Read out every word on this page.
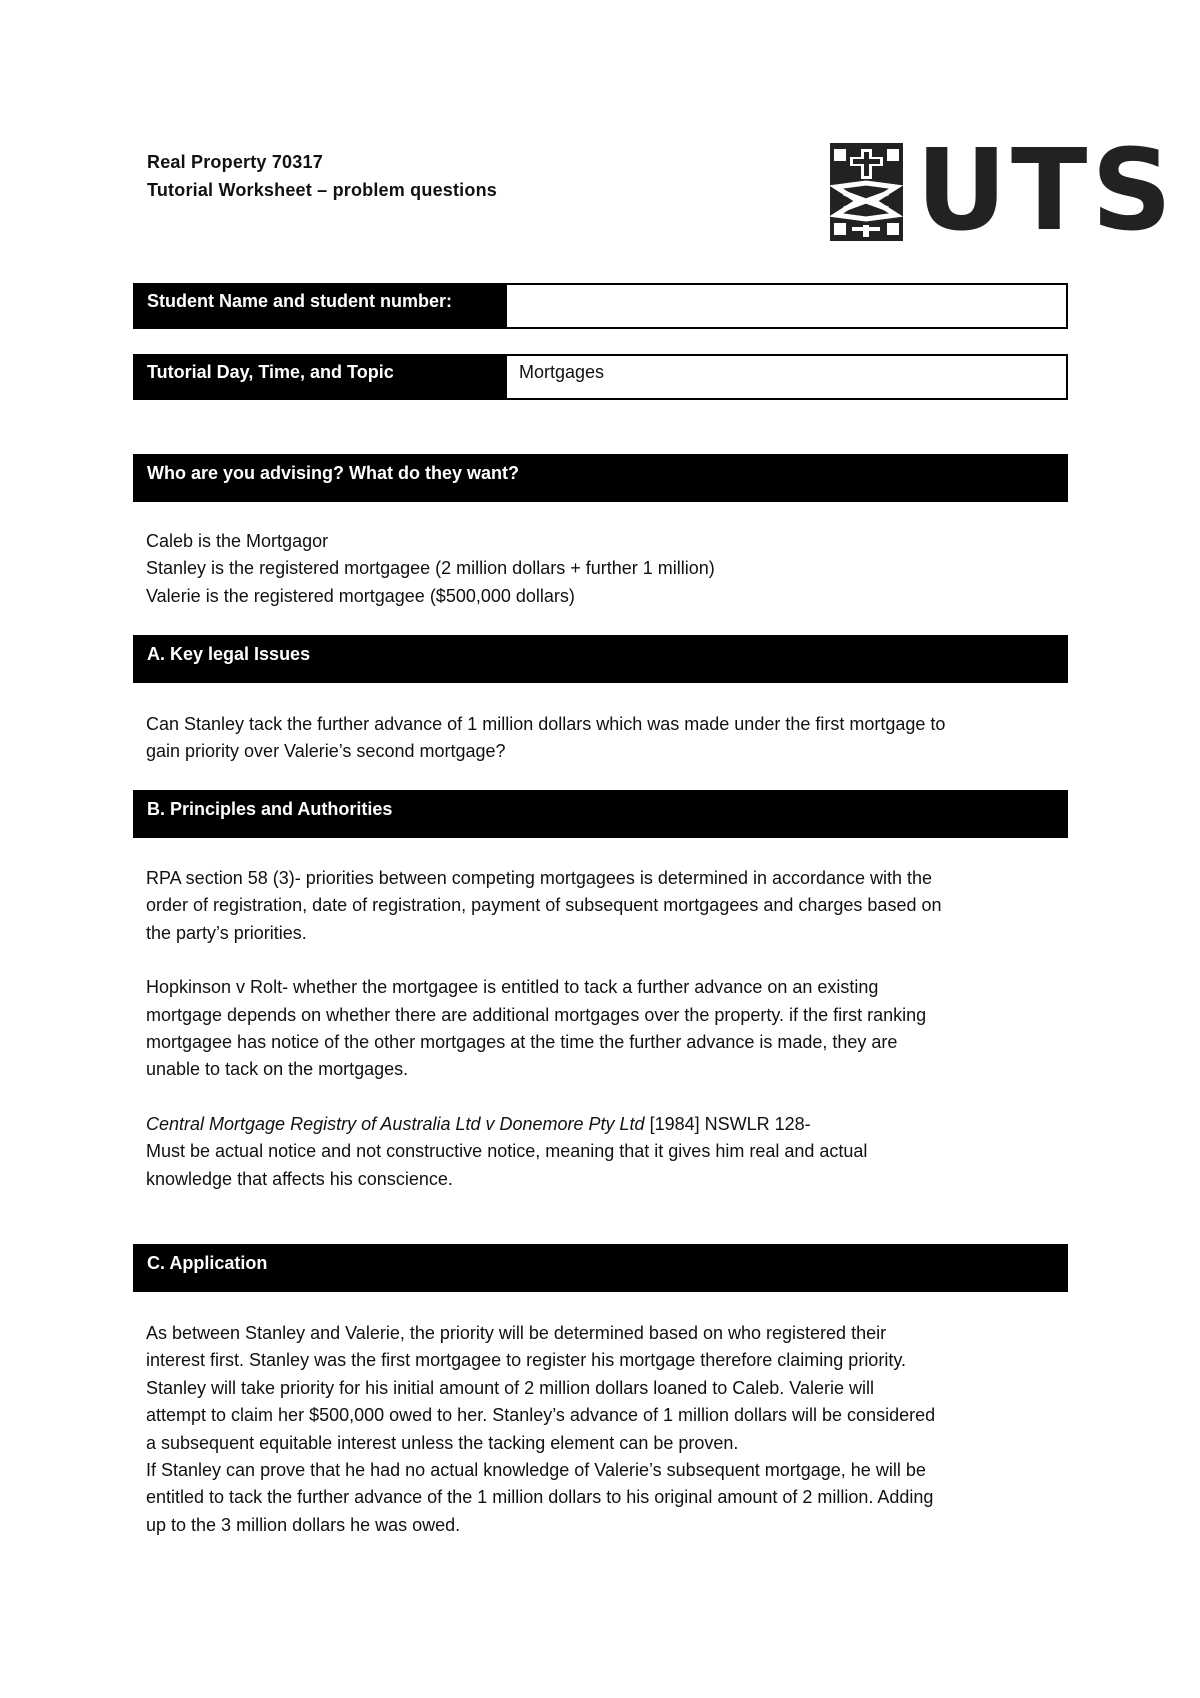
Real Property 70317
Tutorial Worksheet – problem questions	UTS
Student Name and student number:
Tutorial Day, Time, and Topic	Mortgages
Who are you advising? What do they want?

Caleb is the Mortgagor

Stanley is the registered mortgagee (2 million dollars + further 1 million)

Valerie is the registered mortgagee ($500,000 dollars)

A. Key legal Issues

Can Stanley tack the further advance of 1 million dollars which was made under the first mortgage to

gain priority over Valerie’s second mortgage?

B. Principles and Authorities

RPA section 58 (3)- priorities between competing mortgagees is determined in accordance with the

order of registration, date of registration, payment of subsequent mortgagees and charges based on

the party’s priorities.

Hopkinson v Rolt- whether the mortgagee is entitled to tack a further advance on an existing

mortgage depends on whether there are additional mortgages over the property. if the first ranking

mortgagee has notice of the other mortgages at the time the further advance is made, they are

unable to tack on the mortgages.

Central Mortgage Registry of Australia Ltd v Donemore Pty Ltd [1984] NSWLR 128-

Must be actual notice and not constructive notice, meaning that it gives him real and actual

knowledge that affects his conscience.

C. Application

As between Stanley and Valerie, the priority will be determined based on who registered their

interest first. Stanley was the first mortgagee to register his mortgage therefore claiming priority.

Stanley will take priority for his initial amount of 2 million dollars loaned to Caleb. Valerie will

attempt to claim her $500,000 owed to her. Stanley’s advance of 1 million dollars will be considered

a subsequent equitable interest unless the tacking element can be proven.

If Stanley can prove that he had no actual knowledge of Valerie’s subsequent mortgage, he will be

entitled to tack the further advance of the 1 million dollars to his original amount of 2 million. Adding

up to the 3 million dollars he was owed.
